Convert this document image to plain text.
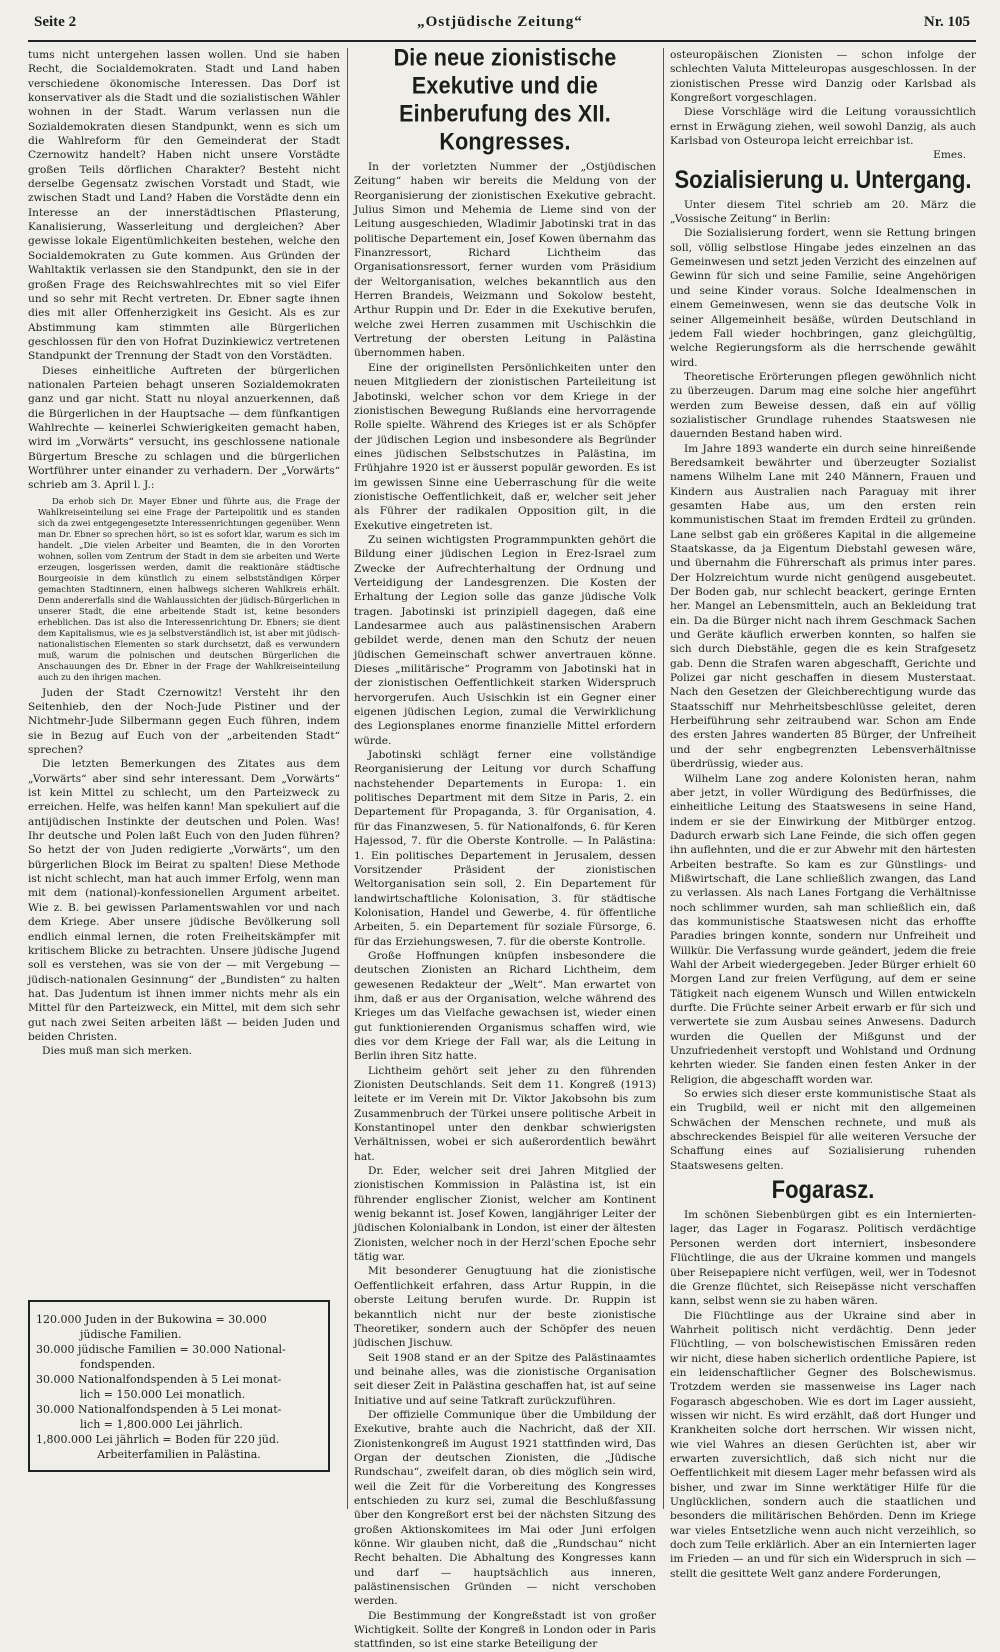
Seite 2	„Ostjüdische Zeitung“	Nr. 105

tums nicht untergehen lassen wollen. Und sie haben Recht, die Socialdemokraten. Stadt und Land haben verschiedene ökonomische Interessen. Das Dorf ist konservativer als die Stadt und die sozialistischen Wähler wohnen in der Stadt. Warum verlassen nun die Sozialdemokraten diesen Standpunkt, wenn es sich um die Wahlreform für den Gemeinderat der Stadt Czernowitz handelt? Haben nicht unsere Vorstädte großen Teils dörflichen Charakter? Besteht nicht derselbe Gegensatz zwischen Vorstadt und Stadt, wie zwischen Stadt und Land? Haben die Vorstädte denn ein Interesse an der innerstädtischen Pflasterung, Kanalisierung, Wasserleitung und dergleichen? Aber gewisse lokale Eigentümlichkeiten bestehen, welche den Socialdemokraten zu Gute kommen. Aus Gründen der Wahltaktik verlassen sie den Standpunkt, den sie in der großen Frage des Reichswahlrechtes mit so viel Eifer und so sehr mit Recht vertreten. Dr. Ebner sagte ihnen dies mit aller Offenherzigkeit ins Gesicht. Als es zur Abstimmung kam stimmten alle Bürgerlichen geschlossen für den von Hofrat Duzinkiewicz vertretenen Standpunkt der Trennung der Stadt von den Vorstädten.

Dieses einheitliche Auftreten der bürgerlichen nationalen Parteien behagt unseren Sozialdemokraten ganz und gar nicht. Statt nu nloyal anzuerkennen, daß die Bürgerlichen in der Hauptsache — dem fünfkantigen Wahlrechte — keinerlei Schwierigkeiten gemacht haben, wird im „Vorwärts“ versucht, ins geschlossene nationale Bürgertum Bresche zu schlagen und die bürgerlichen Wortführer unter einander zu verhadern. Der „Vorwärts“ schrieb am 3. April l. J.:

Da erhob sich Dr. Mayer Ebner und führte aus, die Frage der Wahlkreiseinteilung sei eine Frage der Parteipolitik und es standen sich da zwei entgegengesetzte Interessenrichtungen gegenüber. Wenn man Dr. Ebner so sprechen hört, so ist es sofort klar, warum es sich im handelt. „Die vielen Arbeiter und Beamten, die in den Vororten wohnen, sollen vom Zentrum der Stadt in dem sie arbeiten und Werte erzeugen, losgerissen werden, damit die reaktionäre städtische Bourgeoisie in dem künstlich zu einem selbstständigen Körper gemachten Stadtinnern, einen halbwegs sicheren Wahlkreis erhält. Denn andererfalls sind die Wahlaussichten der jüdisch-Bürgerlichen in unserer Stadt, die eine arbeitende Stadt ist, keine besonders erheblichen. Das ist also die Interessenrichtung Dr. Ebners; sie dient dem Kapitalismus, wie es ja selbstverständlich ist, ist aber mit jüdisch-nationalistischen Elementen so stark durchsetzt, daß es verwundern muß, warum die polnischen und deutschen Bürgerlichen die Anschauungen des Dr. Ebner in der Frage der Wahlkreiseinteilung auch zu den ihrigen machen.

Juden der Stadt Czernowitz! Versteht ihr den Seitenhieb, den der Noch-Jude Pistiner und der Nichtmehr-Jude Silbermann gegen Euch führen, indem sie in Bezug auf Euch von der „arbeitenden Stadt“ sprechen?

Die letzten Bemerkungen des Zitates aus dem „Vorwärts“ aber sind sehr interessant. Dem „Vorwärts“ ist kein Mittel zu schlecht, um den Parteizweck zu erreichen. Helfe, was helfen kann! Man spekuliert auf die antijüdischen Instinkte der deutschen und Polen. Was! Ihr deutsche und Polen laßt Euch von den Juden führen? So hetzt der von Juden redigierte „Vorwärts“, um den bürgerlichen Block im Beirat zu spalten! Diese Methode ist nicht schlecht, man hat auch immer Erfolg, wenn man mit dem (national)-konfessionellen Argument arbeitet. Wie z. B. bei gewissen Parlamentswahlen vor und nach dem Kriege. Aber unsere jüdische Bevölkerung soll endlich einmal lernen, die roten Freiheitskämpfer mit kritischem Blicke zu betrachten. Unsere jüdische Jugend soll es verstehen, was sie von der — mit Vergebung — jüdisch-nationalen Gesinnung“ der „Bundisten“ zu halten hat. Das Judentum ist ihnen immer nichts mehr als ein Mittel für den Parteizweck, ein Mittel, mit dem sich sehr gut nach zwei Seiten arbeiten läßt — beiden Juden und beiden Christen.

Dies muß man sich merken.

120.000 Juden in der Bukowina = 30.000

jüdische Familien.

30.000 jüdische Familien = 30.000 National-

fondspenden.

30.000 Nationalfondspenden à 5 Lei monat-

lich = 150.000 Lei monatlich.

30.000 Nationalfondspenden à 5 Lei monat-

lich = 1,800.000 Lei jährlich.

1,800.000 Lei jährlich = Boden für 220 jüd.

Arbeiterfamilien in Palästina.

Die neue zionistische Exekutive und die Einberufung des XII. Kongresses.

In der vorletzten Nummer der „Ostjüdischen Zeitung“ haben wir bereits die Meldung von der Reorganisierung der zionistischen Exekutive gebracht. Julius Simon und Mehemia de Lieme sind von der Leitung ausgeschieden, Wladimir Jabotinski trat in das politische Departement ein, Josef Kowen übernahm das Finanzressort, Richard Lichtheim das Organisationsressort, ferner wurden vom Präsidium der Weltorganisation, welches bekanntlich aus den Herren Brandeis, Weizmann und Sokolow besteht, Arthur Ruppin und Dr. Eder in die Exekutive berufen, welche zwei Herren zusammen mit Uschischkin die Vertretung der obersten Leitung in Palästina übernommen haben.

Eine der originellsten Persönlichkeiten unter den neuen Mitgliedern der zionistischen Parteileitung ist Jabotinski, welcher schon vor dem Kriege in der zionistischen Bewegung Rußlands eine hervorragende Rolle spielte. Während des Krieges ist er als Schöpfer der jüdischen Legion und insbesondere als Begründer eines jüdischen Selbstschutzes in Palästina, im Frühjahre 1920 ist er äusserst populär geworden. Es ist im gewissen Sinne eine Ueberraschung für die weite zionistische Oeffentlichkeit, daß er, welcher seit jeher als Führer der radikalen Opposition gilt, in die Exekutive eingetreten ist.

Zu seinen wichtigsten Programmpunkten gehört die Bildung einer jüdischen Legion in Erez-Israel zum Zwecke der Aufrechterhaltung der Ordnung und Verteidigung der Landesgrenzen. Die Kosten der Erhaltung der Legion solle das ganze jüdische Volk tragen. Jabotinski ist prinzipiell dagegen, daß eine Landesarmee auch aus palästinensischen Arabern gebildet werde, denen man den Schutz der neuen jüdischen Gemeinschaft schwer anvertrauen könne. Dieses „militärische“ Programm von Jabotinski hat in der zionistischen Oeffentlichkeit starken Widerspruch hervorgerufen. Auch Usischkin ist ein Gegner einer eigenen jüdischen Legion, zumal die Verwirklichung des Legionsplanes enorme finanzielle Mittel erfordern würde.

Jabotinski schlägt ferner eine vollständige Reorganisierung der Leitung vor durch Schaffung nachstehender Departements in Europa: 1. ein politisches Department mit dem Sitze in Paris, 2. ein Departement für Propaganda, 3. für Organisation, 4. für das Finanzwesen, 5. für Nationalfonds, 6. für Keren Hajessod, 7. für die Oberste Kontrolle. — In Palästina: 1. Ein politisches Departement in Jerusalem, dessen Vorsitzender Präsident der zionistischen Weltorganisation sein soll, 2. Ein Departement für landwirtschaftliche Kolonisation, 3. für städtische Kolonisation, Handel und Gewerbe, 4. für öffentliche Arbeiten, 5. ein Departement für soziale Fürsorge, 6. für das Erziehungswesen, 7. für die oberste Kontrolle.

Große Hoffnungen knüpfen insbesondere die deutschen Zionisten an Richard Lichtheim, dem gewesenen Redakteur der „Welt“. Man erwartet von ihm, daß er aus der Organisation, welche während des Krieges um das Vielfache gewachsen ist, wieder einen gut funktionierenden Organismus schaffen wird, wie dies vor dem Kriege der Fall war, als die Leitung in Berlin ihren Sitz hatte.

Lichtheim gehört seit jeher zu den führenden Zionisten Deutschlands. Seit dem 11. Kongreß (1913) leitete er im Verein mit Dr. Viktor Jakobsohn bis zum Zusammenbruch der Türkei unsere politische Arbeit in Konstantinopel unter den denkbar schwierigsten Verhältnissen, wobei er sich außerordentlich bewährt hat.

Dr. Eder, welcher seit drei Jahren Mitglied der zionistischen Kommission in Palästina ist, ist ein führender englischer Zionist, welcher am Kontinent wenig bekannt ist. Josef Kowen, langjähriger Leiter der jüdischen Kolonialbank in London, ist einer der ältesten Zionisten, welcher noch in der Herzl’schen Epoche sehr tätig war.

Mit besonderer Genugtuung hat die zionistische Oeffentlichkeit erfahren, dass Artur Ruppin, in die oberste Leitung berufen wurde. Dr. Ruppin ist bekanntlich nicht nur der beste zionistische Theoretiker, sondern auch der Schöpfer des neuen jüdischen Jischuw.

Seit 1908 stand er an der Spitze des Palästinaamtes und beinahe alles, was die zionistische Organisation seit dieser Zeit in Palästina geschaffen hat, ist auf seine Initiative und auf seine Tatkraft zurückzuführen.

Der offizielle Communique über die Umbildung der Exekutive, brahte auch die Nachricht, daß der XII. Zionistenkongreß im August 1921 stattfinden wird, Das Organ der deutschen Zionisten, die „Jüdische Rundschau“, zweifelt daran, ob dies möglich sein wird, weil die Zeit für die Vorbereitung des Kongresses entschieden zu kurz sei, zumal die Beschlußfassung über den Kongreßort erst bei der nächsten Sitzung des großen Aktionskomitees im Mai oder Juni erfolgen könne. Wir glauben nicht, daß die „Rundschau“ nicht Recht behalten. Die Abhaltung des Kongresses kann und darf — hauptsächlich aus inneren, palästinensischen Gründen — nicht verschoben werden.

Die Bestimmung der Kongreßstadt ist von großer Wichtigkeit. Sollte der Kongreß in London oder in Paris stattfinden, so ist eine starke Beteiligung der

osteuropäischen Zionisten — schon infolge der schlechten Valuta Mitteleuropas ausgeschlossen. In der zionistischen Presse wird Danzig oder Karlsbad als Kongreßort vorgeschlagen.

Diese Vorschläge wird die Leitung voraussichtlich ernst in Erwägung ziehen, weil sowohl Danzig, als auch Karlsbad von Osteuropa leicht erreichbar ist.

Emes.

Sozialisierung u. Untergang.

Unter diesem Titel schrieb am 20. März die „Vossische Zeitung“ in Berlin:

Die Sozialisierung fordert, wenn sie Rettung bringen soll, völlig selbstlose Hingabe jedes einzelnen an das Gemeinwesen und setzt jeden Verzicht des einzelnen auf Gewinn für sich und seine Familie, seine Angehörigen und seine Kinder voraus. Solche Idealmenschen in einem Gemeinwesen, wenn sie das deutsche Volk in seiner Allgemeinheit besäße, würden Deutschland in jedem Fall wieder hochbringen, ganz gleichgültig, welche Regierungsform als die herrschende gewählt wird.

Theoretische Erörterungen pflegen gewöhnlich nicht zu überzeugen. Darum mag eine solche hier angeführt werden zum Beweise dessen, daß ein auf völlig sozialistischer Grundlage ruhendes Staatswesen nie dauernden Bestand haben wird.

Im Jahre 1893 wanderte ein durch seine hinreißende Beredsamkeit bewährter und überzeugter Sozialist namens Wilhelm Lane mit 240 Männern, Frauen und Kindern aus Australien nach Paraguay mit ihrer gesamten Habe aus, um den ersten rein kommunistischen Staat im fremden Erdteil zu gründen. Lane selbst gab ein größeres Kapital in die allgemeine Staatskasse, da ja Eigentum Diebstahl gewesen wäre, und übernahm die Führerschaft als primus inter pares. Der Holzreichtum wurde nicht genügend ausgebeutet. Der Boden gab, nur schlecht beackert, geringe Ernten her. Mangel an Lebensmitteln, auch an Bekleidung trat ein. Da die Bürger nicht nach ihrem Geschmack Sachen und Geräte käuflich erwerben konnten, so halfen sie sich durch Diebstähle, gegen die es kein Strafgesetz gab. Denn die Strafen waren abgeschafft, Gerichte und Polizei gar nicht geschaffen in diesem Musterstaat. Nach den Gesetzen der Gleichberechtigung wurde das Staatsschiff nur Mehrheitsbeschlüsse geleitet, deren Herbeiführung sehr zeitraubend war. Schon am Ende des ersten Jahres wanderten 85 Bürger, der Unfreiheit und der sehr engbegrenzten Lebensverhältnisse überdrüssig, wieder aus.

Wilhelm Lane zog andere Kolonisten heran, nahm aber jetzt, in voller Würdigung des Bedürfnisses, die einheitliche Leitung des Staatswesens in seine Hand, indem er sie der Einwirkung der Mitbürger entzog. Dadurch erwarb sich Lane Feinde, die sich offen gegen ihn auflehnten, und die er zur Abwehr mit den härtesten Arbeiten bestrafte. So kam es zur Günstlings- und Mißwirtschaft, die Lane schließlich zwangen, das Land zu verlassen. Als nach Lanes Fortgang die Verhältnisse noch schlimmer wurden, sah man schließlich ein, daß das kommunistische Staatswesen nicht das erhoffte Paradies bringen konnte, sondern nur Unfreiheit und Willkür. Die Verfassung wurde geändert, jedem die freie Wahl der Arbeit wiedergegeben. Jeder Bürger erhielt 60 Morgen Land zur freien Verfügung, auf dem er seine Tätigkeit nach eigenem Wunsch und Willen entwickeln durfte. Die Früchte seiner Arbeit erwarb er für sich und verwertete sie zum Ausbau seines Anwesens. Dadurch wurden die Quellen der Mißgunst und der Unzufriedenheit verstopft und Wohlstand und Ordnung kehrten wieder. Sie fanden einen festen Anker in der Religion, die abgeschafft worden war.

So erwies sich dieser erste kommunistische Staat als ein Trugbild, weil er nicht mit den allgemeinen Schwächen der Menschen rechnete, und muß als abschreckendes Beispiel für alle weiteren Versuche der Schaffung eines auf Sozialisierung ruhenden Staatswesens gelten.

Fogarasz.

Im schönen Siebenbürgen gibt es ein Internierten-lager, das Lager in Fogarasz. Politisch verdächtige Personen werden dort interniert, insbesondere Flüchtlinge, die aus der Ukraine kommen und mangels über Reisepapiere nicht verfügen, weil, wer in Todesnot die Grenze flüchtet, sich Reisepässe nicht verschaffen kann, selbst wenn sie zu haben wären.

Die Flüchtlinge aus der Ukraine sind aber in Wahrheit politisch nicht verdächtig. Denn jeder Flüchtling, — von bolschewistischen Emissären reden wir nicht, diese haben sicherlich ordentliche Papiere, ist ein leidenschaftlicher Gegner des Bolschewismus. Trotzdem werden sie massenweise ins Lager nach Fogarasch abgeschoben. Wie es dort im Lager aussieht, wissen wir nicht. Es wird erzählt, daß dort Hunger und Krankheiten solche dort herrschen. Wir wissen nicht, wie viel Wahres an diesen Gerüchten ist, aber wir erwarten zuversichtlich, daß sich nicht nur die Oeffentlichkeit mit diesem Lager mehr befassen wird als bisher, und zwar im Sinne werktätiger Hilfe für die Unglücklichen, sondern auch die staatlichen und besonders die militärischen Behörden. Denn im Kriege war vieles Entsetzliche wenn auch nicht verzeihlich, so doch zum Teile erklärlich. Aber an ein Internierten lager im Frieden — an und für sich ein Widerspruch in sich — stellt die gesittete Welt ganz andere Forderungen,
